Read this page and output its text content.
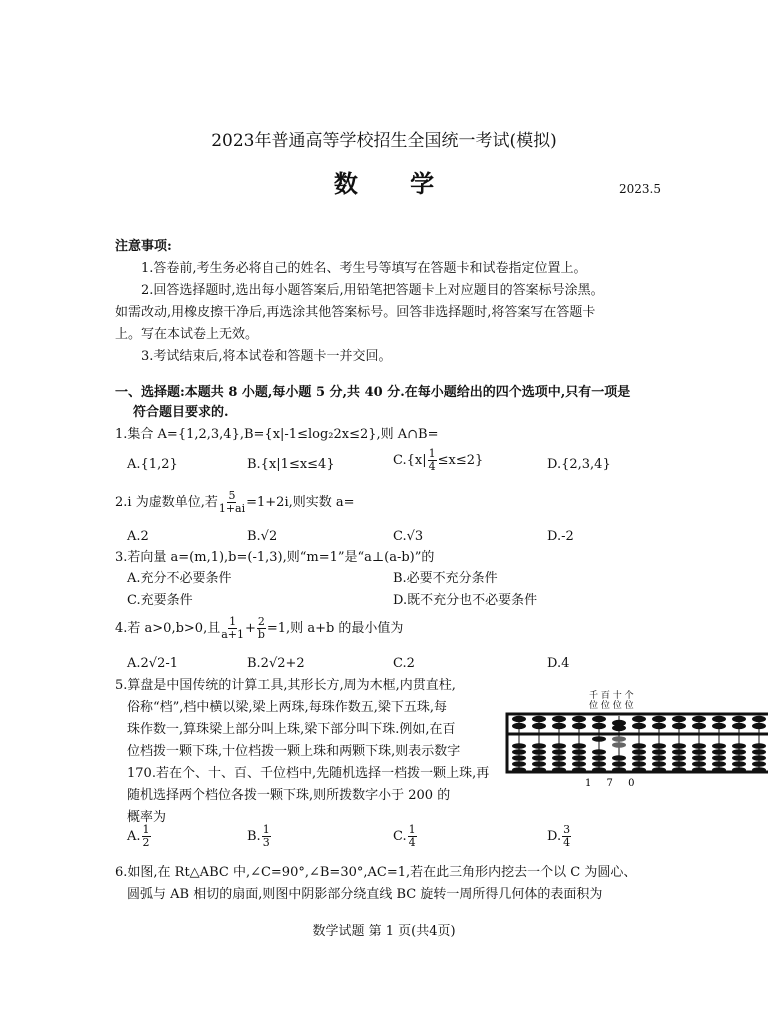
2023年普通高等学校招生全国统一考试(模拟)
数 学	2023.5
注意事项:
1.答卷前,考生务必将自己的姓名、考生号等填写在答题卡和试卷指定位置上。
2.回答选择题时,选出每小题答案后,用铅笔把答题卡上对应题目的答案标号涂黑。
如需改动,用橡皮擦干净后,再选涂其他答案标号。回答非选择题时,将答案写在答题卡
上。写在本试卷上无效。
3.考试结束后,将本试卷和答题卡一并交回。
一、选择题:本题共 8 小题,每小题 5 分,共 40 分.在每小题给出的四个选项中,只有一项是
符合题目要求的.
1.集合 A={1,2,3,4},B={x|-1≤log₂2x≤2},则 A∩B=
A.{1,2}	B.{x|1≤x≤4}	$C.\{x| \frac{1}{4} \le x\le 2\}$	D.{2,3,4}
2.i 为虚数单位,若 $\frac{5}{1+ai} =1+2i$,则实数 a=
A.2	B.√2	C.√3	D.-2
3.若向量 a=(m,1),b=(-1,3),则“m=1”是“a⊥(a-b)”的
A.充分不必要条件	B.必要不充分条件
C.充要条件	D.既不充分也不必要条件
4.若 a>0,b>0,且 $\frac{1}{a+1} + \frac{2}{b} =1$,则 a+b 的最小值为
A.2√2-1	B.2√2+2	C.2	D.4
5.算盘是中国传统的计算工具,其形长方,周为木框,内贯直柱,
俗称“档”,档中横以梁,梁上两珠,每珠作数五,梁下五珠,每
珠作数一,算珠梁上部分叫上珠,梁下部分叫下珠.例如,在百
位档拨一颗下珠,十位档拨一颗上珠和两颗下珠,则表示数字
170.若在个、十、百、千位档中,先随机选择一档拨一颗上珠,再
随机选择两个档位各拨一颗下珠,则所拨数字小于 200 的
概率为
千 百 十 个
位 位 位 位
1 7 0
A. $\frac{1}{2}$	B. $\frac{1}{3}$	C. $\frac{1}{4}$	D. $\frac{3}{4}$
6.如图,在 Rt△ABC 中,∠C=90°,∠B=30°,AC=1,若在此三角形内挖去一个以 C 为圆心、
圆弧与 AB 相切的扇面,则图中阴影部分绕直线 BC 旋转一周所得几何体的表面积为
数学试题 第 1 页(共4页)
